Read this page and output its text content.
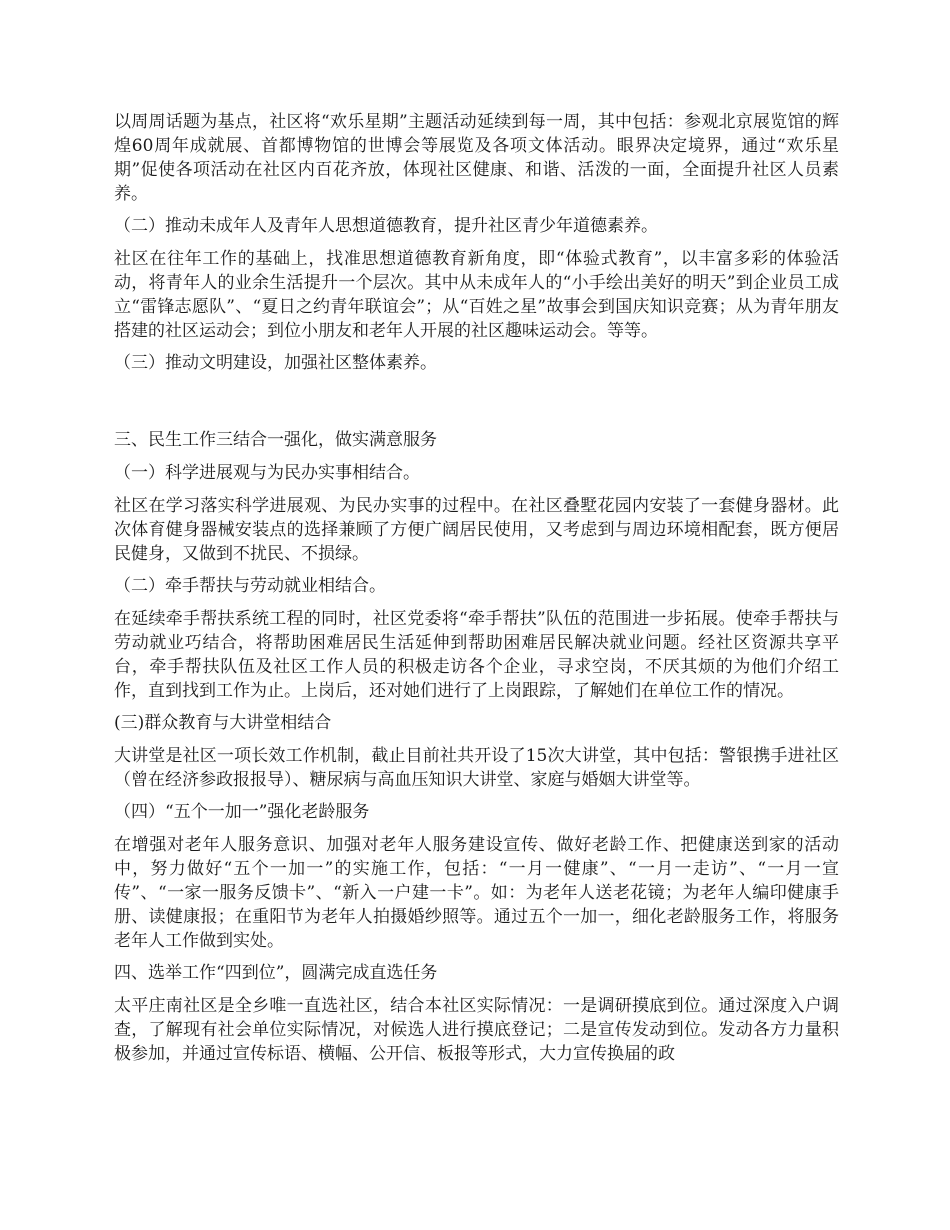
以周周话题为基点，社区将“欢乐星期”主题活动延续到每一周，其中包括：参观北京展览馆的辉煌60周年成就展、首都博物馆的世博会等展览及各项文体活动。眼界决定境界，通过“欢乐星期”促使各项活动在社区内百花齐放，体现社区健康、和谐、活泼的一面，全面提升社区人员素养。

（二）推动未成年人及青年人思想道德教育，提升社区青少年道德素养。

社区在往年工作的基础上，找准思想道德教育新角度，即“体验式教育”，以丰富多彩的体验活动，将青年人的业余生活提升一个层次。其中从未成年人的“小手绘出美好的明天”到企业员工成立“雷锋志愿队”、“夏日之约青年联谊会”；从“百姓之星”故事会到国庆知识竞赛；从为青年朋友搭建的社区运动会；到位小朋友和老年人开展的社区趣味运动会。等等。

（三）推动文明建设，加强社区整体素养。

三、民生工作三结合一强化，做实满意服务

（一）科学进展观与为民办实事相结合。

社区在学习落实科学进展观、为民办实事的过程中。在社区叠墅花园内安装了一套健身器材。此次体育健身器械安装点的选择兼顾了方便广阔居民使用，又考虑到与周边环境相配套，既方便居民健身，又做到不扰民、不损绿。

（二）牵手帮扶与劳动就业相结合。

在延续牵手帮扶系统工程的同时，社区党委将“牵手帮扶”队伍的范围进一步拓展。使牵手帮扶与劳动就业巧结合，将帮助困难居民生活延伸到帮助困难居民解决就业问题。经社区资源共享平台，牵手帮扶队伍及社区工作人员的积极走访各个企业，寻求空岗，不厌其烦的为他们介绍工作，直到找到工作为止。上岗后，还对她们进行了上岗跟踪，了解她们在单位工作的情况。

(三)群众教育与大讲堂相结合

大讲堂是社区一项长效工作机制，截止目前社共开设了15次大讲堂，其中包括：警银携手进社区（曾在经济参政报报导）、糖尿病与高血压知识大讲堂、家庭与婚姻大讲堂等。

（四）“五个一加一”强化老龄服务

在增强对老年人服务意识、加强对老年人服务建设宣传、做好老龄工作、把健康送到家的活动中，努力做好“五个一加一”的实施工作，包括：“一月一健康”、“一月一走访”、“一月一宣传”、“一家一服务反馈卡”、“新入一户建一卡”。如：为老年人送老花镜；为老年人编印健康手册、读健康报；在重阳节为老年人拍摄婚纱照等。通过五个一加一，细化老龄服务工作，将服务老年人工作做到实处。

四、选举工作“四到位”，圆满完成直选任务

太平庄南社区是全乡唯一直选社区，结合本社区实际情况：一是调研摸底到位。通过深度入户调查，了解现有社会单位实际情况，对候选人进行摸底登记；二是宣传发动到位。发动各方力量积极参加，并通过宣传标语、横幅、公开信、板报等形式，大力宣传换届的政
